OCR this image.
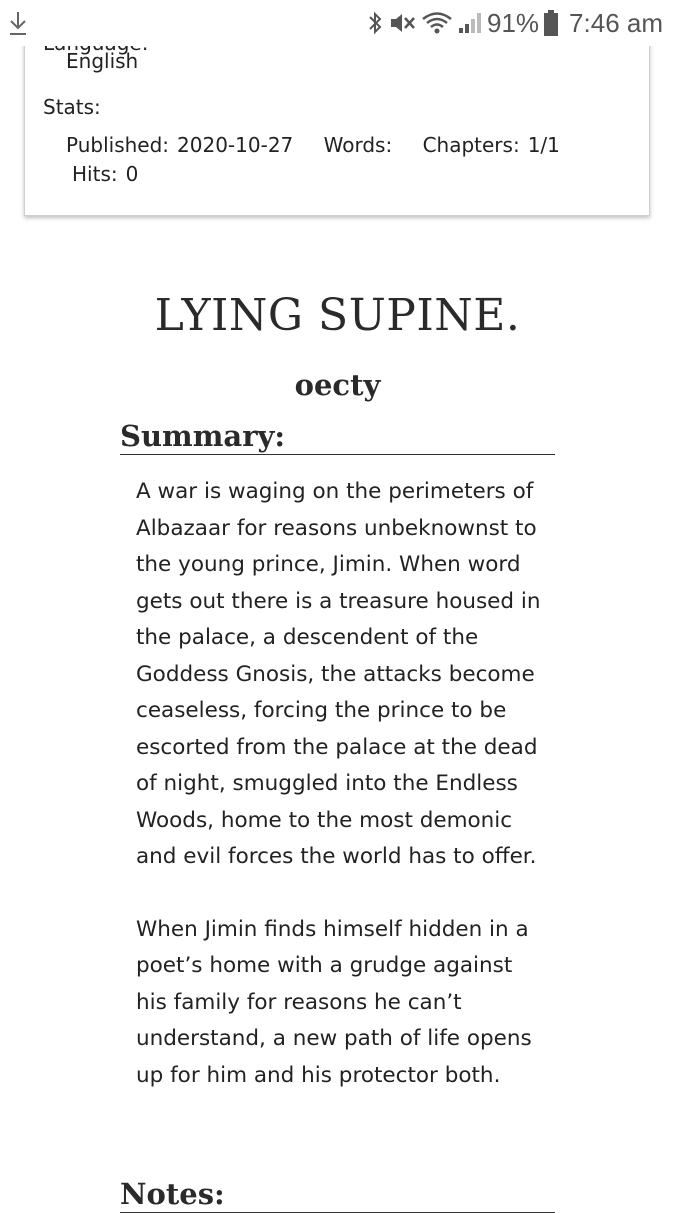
91% 7:46 am
English
Stats:
Published: 2020-10-27 Words: Chapters: 1/1
Hits: 0
LYING SUPINE.
oecty
Summary:

A war is waging on the perimeters of Albazaar for reasons unbeknownst to the young prince, Jimin. When word gets out there is a treasure housed in the palace, a descendent of the Goddess Gnosis, the attacks become ceaseless, forcing the prince to be escorted from the palace at the dead of night, smuggled into the Endless Woods, home to the most demonic and evil forces the world has to offer.

When Jimin finds himself hidden in a poet’s home with a grudge against his family for reasons he can’t understand, a new path of life opens up for him and his protector both.

Notes:
